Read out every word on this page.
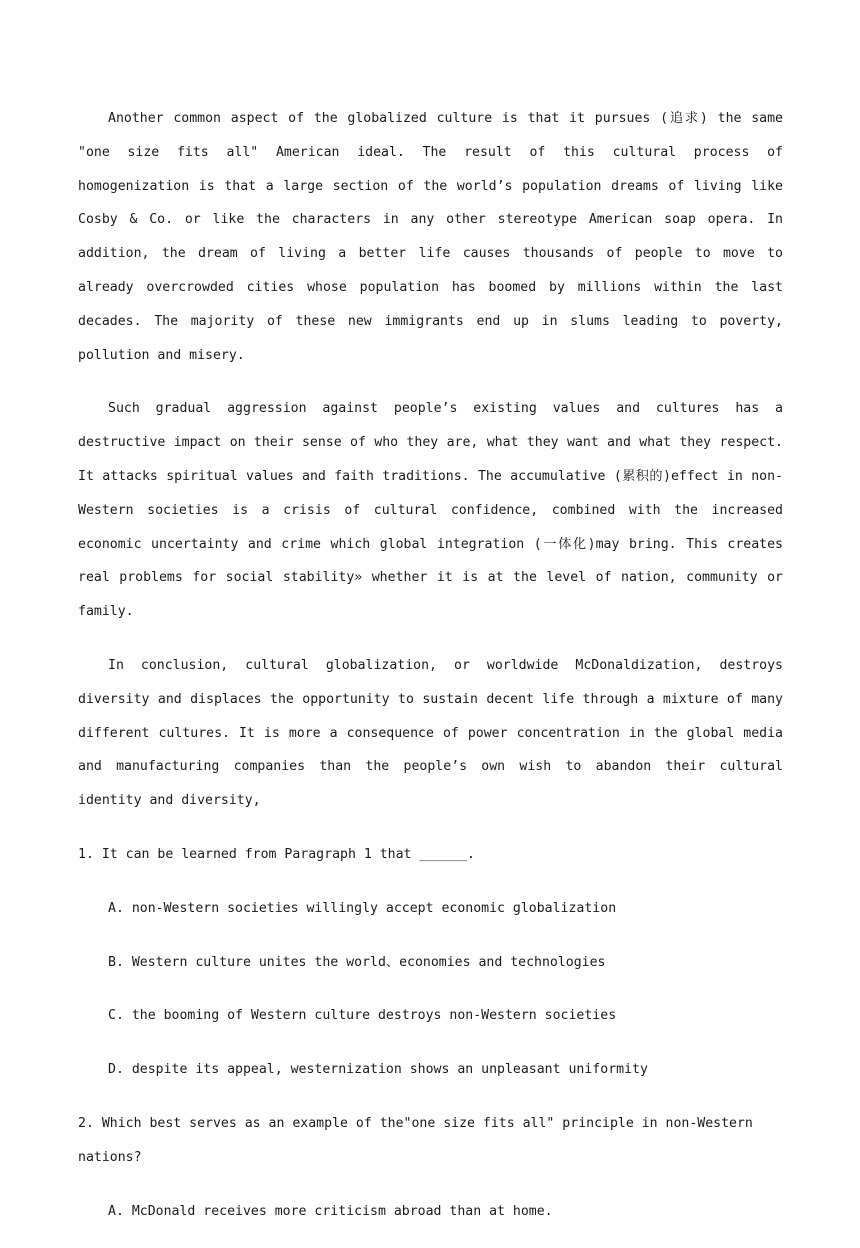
Another common aspect of the globalized culture is that it pursues (追求) the same "one size fits all" American ideal. The result of this cultural process of homogenization is that a large section of the world’s population dreams of living like Cosby & Co. or like the characters in any other stereotype American soap opera. In addition, the dream of living a better life causes thousands of people to move to already overcrowded cities whose population has boomed by millions within the last decades. The majority of these new immigrants end up in slums leading to poverty, pollution and misery.

Such gradual aggression against people’s existing values and cultures has a destructive impact on their sense of who they are, what they want and what they respect. It attacks spiritual values and faith traditions. The accumulative (累积的)effect in non-Western societies is a crisis of cultural confidence, combined with the increased economic uncertainty and crime which global integration (一体化)may bring. This creates real problems for social stability» whether it is at the level of nation, community or family.

In conclusion, cultural globalization, or worldwide McDonaldization, destroys diversity and displaces the opportunity to sustain decent life through a mixture of many different cultures. It is more a consequence of power concentration in the global media and manufacturing companies than the people’s own wish to abandon their cultural identity and diversity,

1. It can be learned from Paragraph 1 that ______.

A. non-Western societies willingly accept economic globalization

B. Western culture unites the world、economies and technologies

C. the booming of Western culture destroys non-Western societies

D. despite its appeal, westernization shows an unpleasant uniformity

2. Which best serves as an example of the"one size fits all" principle in non-Western nations?

A. McDonald receives more criticism abroad than at home.
